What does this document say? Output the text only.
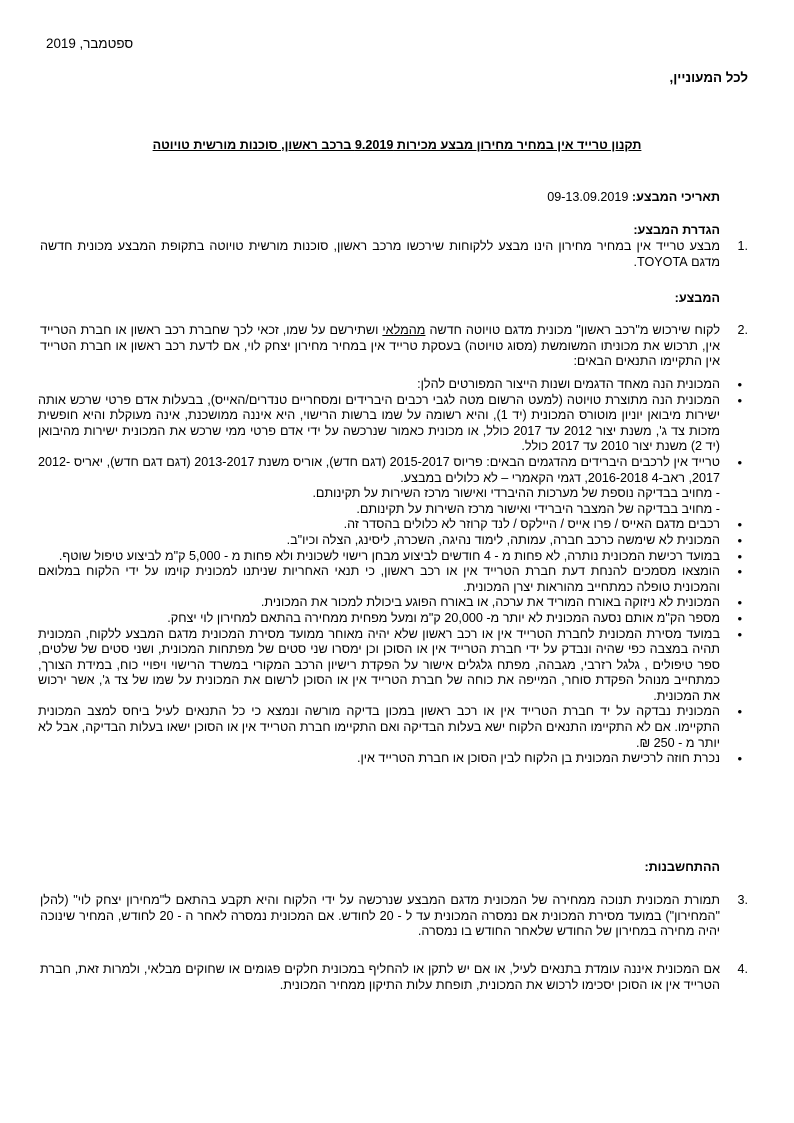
ספטמבר, 2019
לכל המעוניין,
תקנון טרייד אין במחיר מחירון מבצע מכירות 9.2019 ברכב ראשון, סוכנות מורשית טויוטה
תאריכי המבצע: 09-13.09.2019
הגדרת המבצע:
1.
מבצע טרייד אין במחיר מחירון הינו מבצע ללקוחות שירכשו מרכב ראשון, סוכנות מורשית טויוטה בתקופת המבצע מכונית חדשה מדגם TOYOTA.
המבצע:
2.
לקוח שירכוש מ"רכב ראשון" מכונית מדגם טויוטה חדשה מהמלאי ושתירשם על שמו, זכאי לכך שחברת רכב ראשון או חברת הטרייד אין, תרכוש את מכוניתו המשומשת (מסוג טויוטה) בעסקת טרייד אין במחיר מחירון יצחק לוי, אם לדעת רכב ראשון או חברת הטרייד אין התקיימו התנאים הבאים:
• המכונית הנה מאחד הדגמים ושנות הייצור המפורטים להלן:
• המכונית הנה מתוצרת טויוטה (למעט הרשום מטה לגבי רכבים היברידים ומסחריים טנדרים/האייס), בבעלות אדם פרטי שרכש אותה ישירות מיבואן יוניון מוטורס המכונית (יד 1), והיא רשומה על שמו ברשות הרישוי, היא איננה ממושכנת, אינה מעוקלת והיא חופשית מזכות צד ג', משנת יצור 2012 עד 2017 כולל, או מכונית כאמור שנרכשה על ידי אדם פרטי ממי שרכש את המכונית ישירות מהיבואן (יד 2) משנת יצור 2010 עד 2017 כולל.
• טרייד אין לרכבים היברידים מהדגמים הבאים: פריוס 2015-2017 (דגם חדש), אוריס משנת 2013-2017 (דגם דגם חדש), יאריס 2012-2017, ראב-4 2016-2018, דגמי הקאמרי – לא כלולים במבצע.
- מחויב בבדיקה נוספת של מערכות ההיברדי ואישור מרכז השירות על תקינותם.
- מחויב בבדיקה של המצבר היברידי ואישור מרכז השירות על תקינותם.
• רכבים מדגם האייס / פרו אייס / היילקס / לנד קרוזר לא כלולים בהסדר זה.
• המכונית לא שימשה כרכב חברה, עמותה, לימוד נהיגה, השכרה, ליסינג, הצלה וכיו"ב.
• במועד רכישת המכונית נותרה, לא פחות מ - 4 חודשים לביצוע מבחן רישוי לשכונית ולא פחות מ - 5,000 ק"מ לביצוע טיפול שוטף.
• הומצאו מסמכים להנחת דעת חברת הטרייד אין או רכב ראשון, כי תנאי האחריות שניתנו למכונית קוימו על ידי הלקוח במלואם והמכונית טופלה כמתחייב מהוראות יצרן המכונית.
• המכונית לא ניזוקה באורח המוריד את ערכה, או באורח הפוגע ביכולת למכור את המכונית.
• מספר הק"מ אותם נסעה המכונית לא יותר מ- 20,000 ק"מ ומעל מפחית ממחירה בהתאם למחירון לוי יצחק.
• במועד מסירת המכונית לחברת הטרייד אין או רכב ראשון שלא יהיה מאוחר ממועד מסירת המכונית מדגם המבצע ללקוח, המכונית תהיה במצבה כפי שהיה ונבדק על ידי חברת הטרייד אין או הסוכן וכן ימסרו שני סטים של מפתחות המכונית, ושני סטים של שלטים, ספר טיפולים , גלגל רזרבי, מגבהה, מפתח גלגלים אישור על הפקדת רישיון הרכב המקורי במשרד הרישוי ויפויי כוח, במידת הצורך, כמתחייב מנוהל הפקדת סוחר, המייפה את כוחה של חברת הטרייד אין או הסוכן לרשום את המכונית על שמו של צד ג', אשר ירכוש את המכונית.
• המכונית נבדקה על יד חברת הטרייד אין או רכב ראשון במכון בדיקה מורשה ונמצא כי כל התנאים לעיל ביחס למצב המכונית התקיימו. אם לא התקיימו התנאים הלקוח ישא בעלות הבדיקה ואם התקיימו חברת הטרייד אין או הסוכן ישאו בעלות הבדיקה, אבל לא יותר מ - 250 ₪.
• נכרת חוזה לרכישת המכונית בן הלקוח לבין הסוכן או חברת הטרייד אין.
ההתחשבנות:
3.
תמורת המכונית תנוכה ממחירה של המכונית מדגם המבצע שנרכשה על ידי הלקוח והיא תקבע בהתאם ל"מחירון יצחק לוי" (להלן "המחירון") במועד מסירת המכונית אם נמסרה המכונית עד ל - 20 לחודש. אם המכונית נמסרה לאחר ה - 20 לחודש, המחיר שינוכה יהיה מחירה במחירון של החודש שלאחר החודש בו נמסרה.
4.
אם המכונית איננה עומדת בתנאים לעיל, או אם יש לתקן או להחליף במכונית חלקים פגומים או שחוקים מבלאי, ולמרות זאת, חברת הטרייד אין או הסוכן יסכימו לרכוש את המכונית, תופחת עלות התיקון ממחיר המכונית.
